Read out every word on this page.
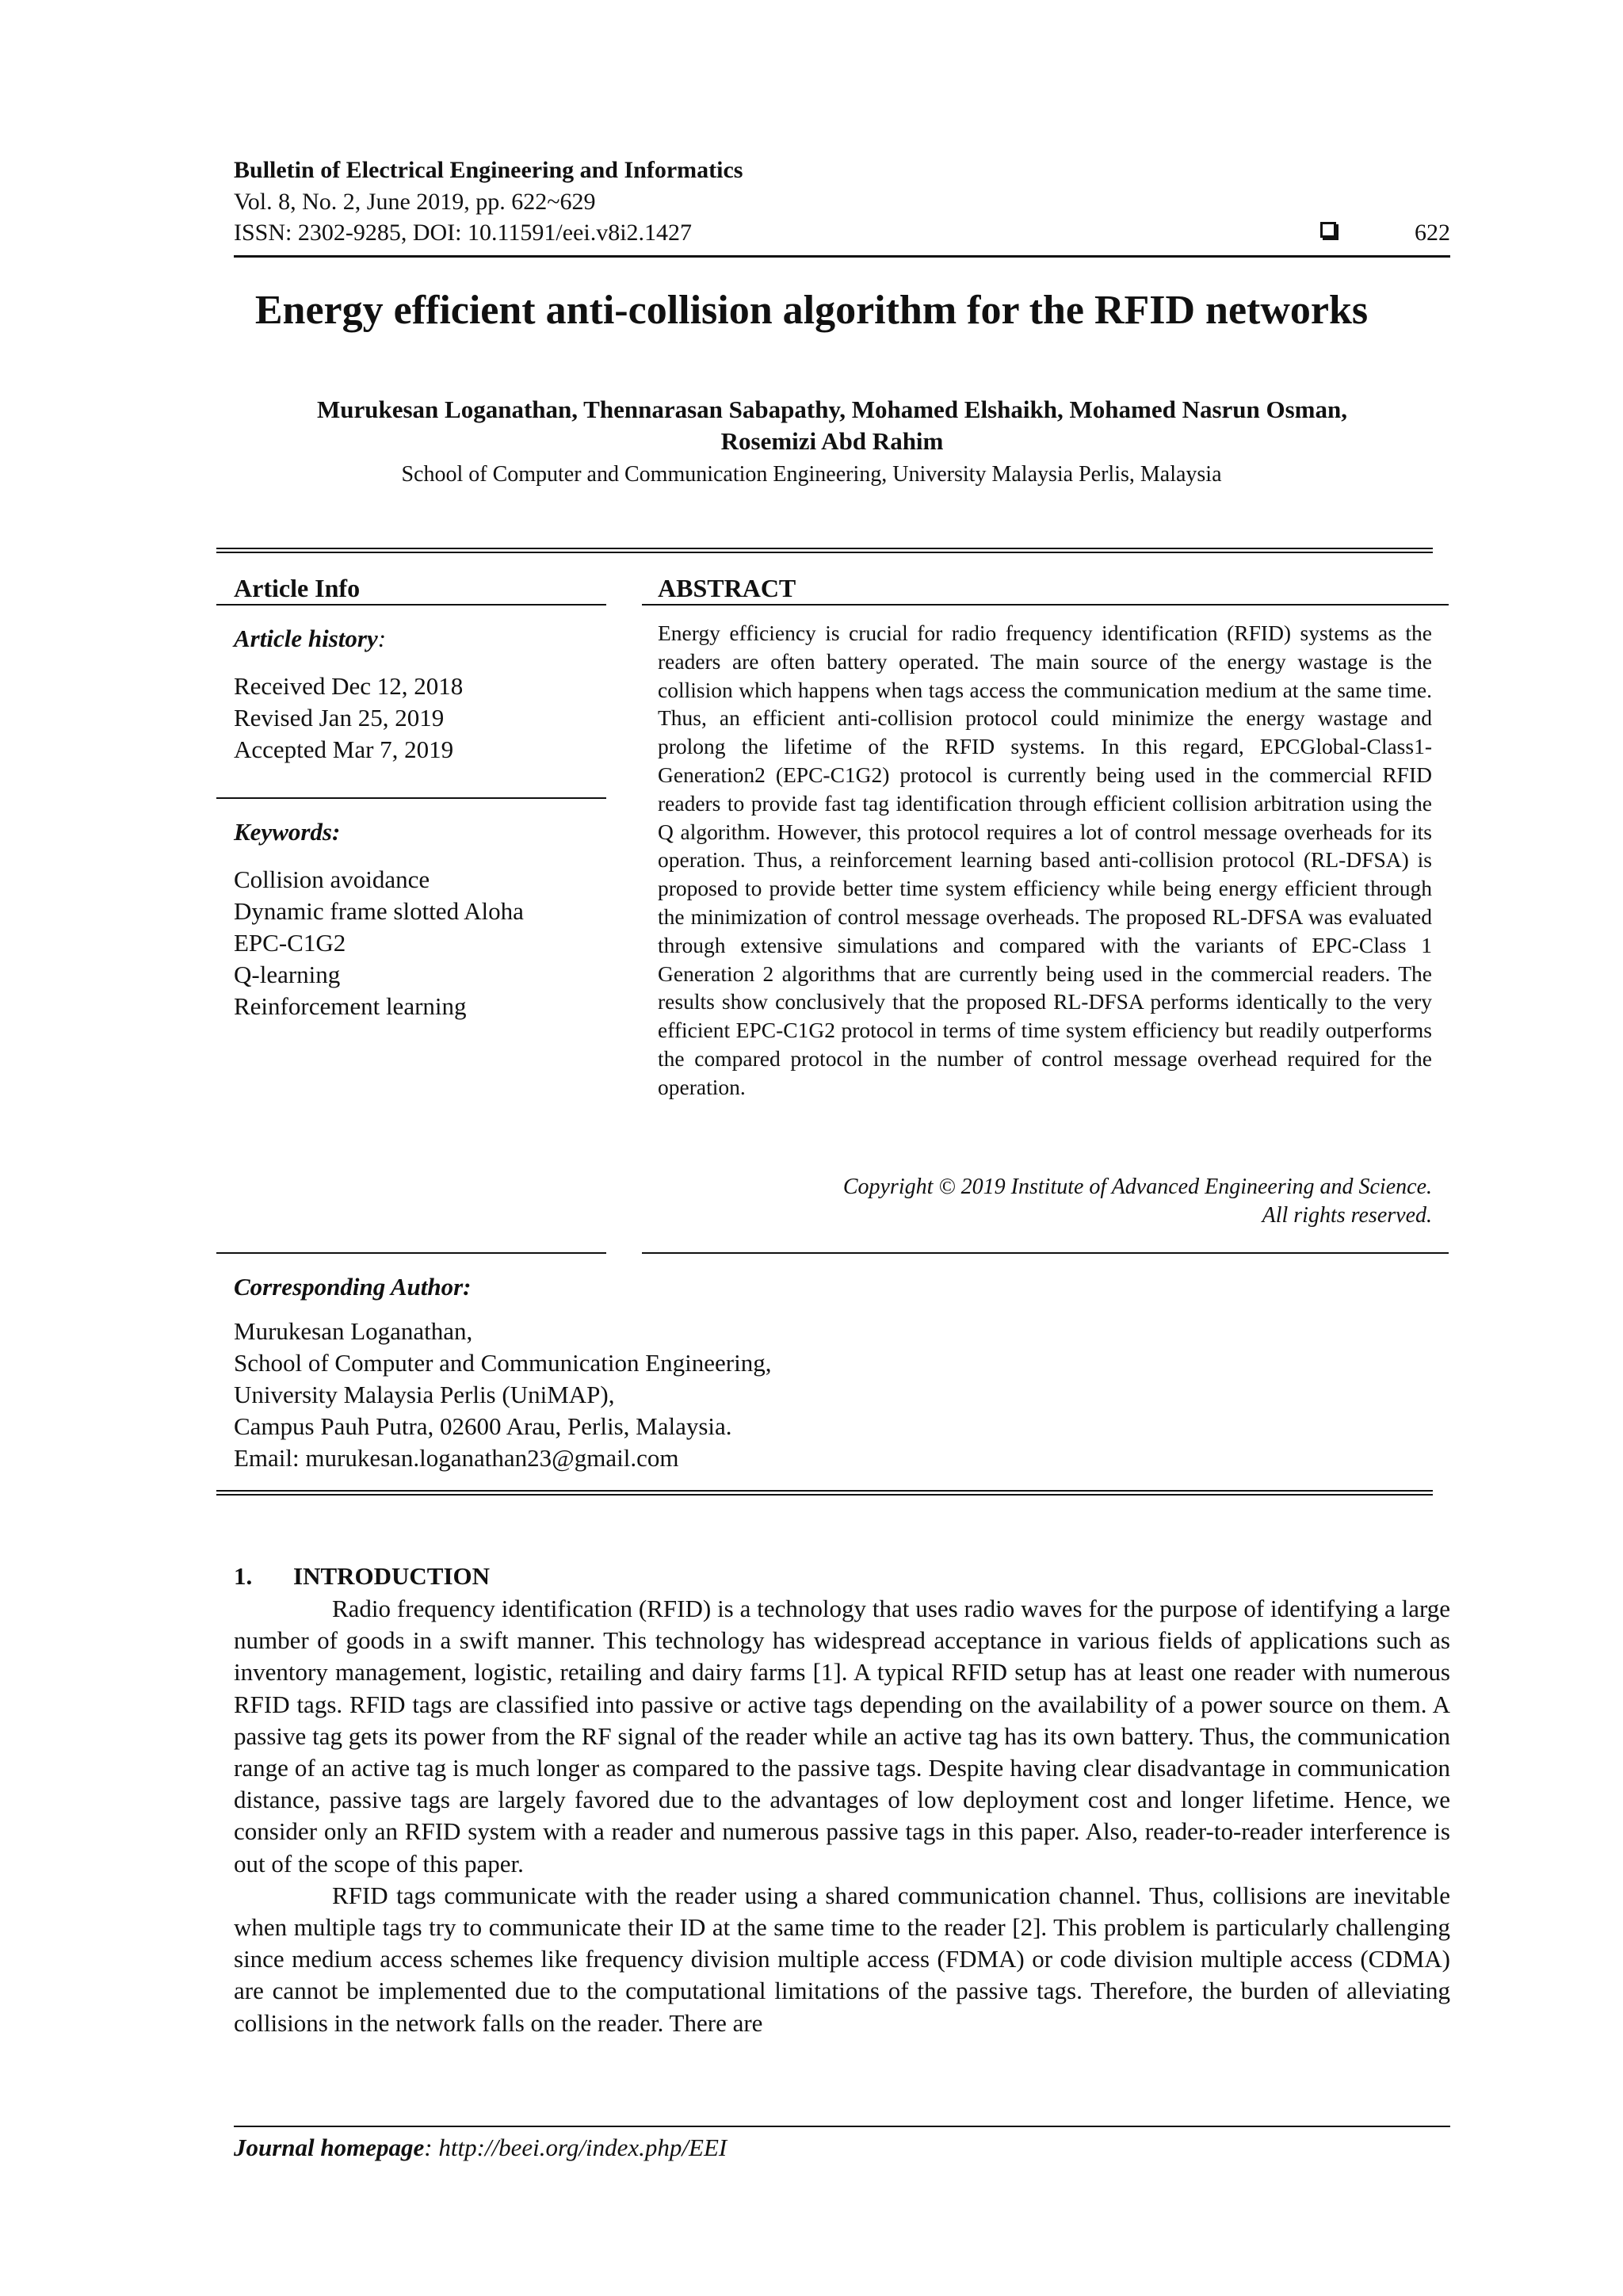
Bulletin of Electrical Engineering and Informatics
Vol. 8, No. 2, June 2019, pp. 622~629
ISSN: 2302-9285, DOI: 10.11591/eei.v8i2.1427	622
Energy efficient anti-collision algorithm for the RFID networks
Murukesan Loganathan, Thennarasan Sabapathy, Mohamed Elshaikh, Mohamed Nasrun Osman,
Rosemizi Abd Rahim
School of Computer and Communication Engineering, University Malaysia Perlis, Malaysia
Article Info
Article history:
Received Dec 12, 2018
Revised Jan 25, 2019
Accepted Mar 7, 2019
Keywords:
Collision avoidance
Dynamic frame slotted Aloha
EPC-C1G2
Q-learning
Reinforcement learning
ABSTRACT
Energy efficiency is crucial for radio frequency identification (RFID) systems as the readers are often battery operated. The main source of the energy wastage is the collision which happens when tags access the communication medium at the same time. Thus, an efficient anti-collision protocol could minimize the energy wastage and prolong the lifetime of the RFID systems. In this regard, EPCGlobal-Class1-Generation2 (EPC-C1G2) protocol is currently being used in the commercial RFID readers to provide fast tag identification through efficient collision arbitration using the Q algorithm. However, this protocol requires a lot of control message overheads for its operation. Thus, a reinforcement learning based anti-collision protocol (RL-DFSA) is proposed to provide better time system efficiency while being energy efficient through the minimization of control message overheads. The proposed RL-DFSA was evaluated through extensive simulations and compared with the variants of EPC-Class 1 Generation 2 algorithms that are currently being used in the commercial readers. The results show conclusively that the proposed RL-DFSA performs identically to the very efficient EPC-C1G2 protocol in terms of time system efficiency but readily outperforms the compared protocol in the number of control message overhead required for the operation.
Copyright © 2019 Institute of Advanced Engineering and Science.
All rights reserved.
Corresponding Author:
Murukesan Loganathan,
School of Computer and Communication Engineering,
University Malaysia Perlis (UniMAP),
Campus Pauh Putra, 02600 Arau, Perlis, Malaysia.
Email: murukesan.loganathan23@gmail.com
1. INTRODUCTION

Radio frequency identification (RFID) is a technology that uses radio waves for the purpose of identifying a large number of goods in a swift manner. This technology has widespread acceptance in various fields of applications such as inventory management, logistic, retailing and dairy farms [1]. A typical RFID setup has at least one reader with numerous RFID tags. RFID tags are classified into passive or active tags depending on the availability of a power source on them. A passive tag gets its power from the RF signal of the reader while an active tag has its own battery. Thus, the communication range of an active tag is much longer as compared to the passive tags. Despite having clear disadvantage in communication distance, passive tags are largely favored due to the advantages of low deployment cost and longer lifetime. Hence, we consider only an RFID system with a reader and numerous passive tags in this paper. Also, reader-to-reader interference is out of the scope of this paper.

RFID tags communicate with the reader using a shared communication channel. Thus, collisions are inevitable when multiple tags try to communicate their ID at the same time to the reader [2]. This problem is particularly challenging since medium access schemes like frequency division multiple access (FDMA) or code division multiple access (CDMA) are cannot be implemented due to the computational limitations of the passive tags. Therefore, the burden of alleviating collisions in the network falls on the reader. There are

Journal homepage: http://beei.org/index.php/EEI
